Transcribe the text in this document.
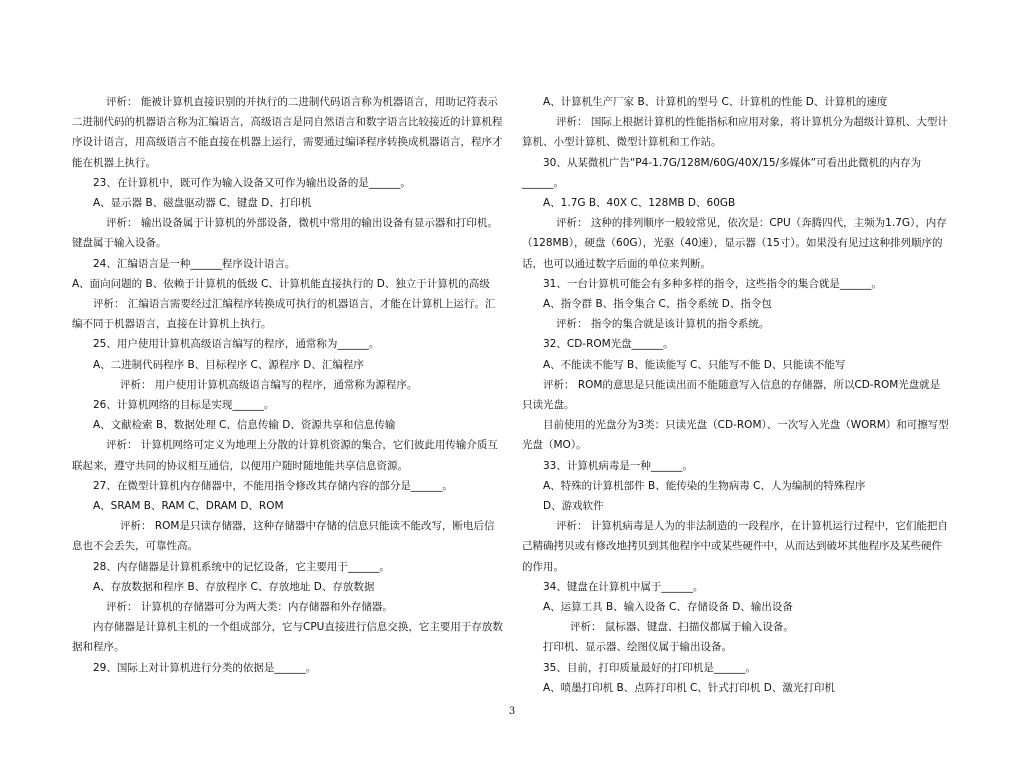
评析： 能被计算机直接识别的并执行的二进制代码语言称为机器语言，用助记符表示二进制代码的机器语言称为汇编语言，高级语言是同自然语言和数字语言比较接近的计算机程序设计语言，用高级语言不能直接在机器上运行，需要通过编译程序转换成机器语言，程序才能在机器上执行。

23、在计算机中，既可作为输入设备又可作为输出设备的是______。

A、显示器 B、磁盘驱动器 C、键盘 D、打印机

评析： 输出设备属于计算机的外部设备，微机中常用的输出设备有显示器和打印机。键盘属于输入设备。

24、汇编语言是一种______程序设计语言。

A、面向问题的 B、依赖于计算机的低级 C、计算机能直接执行的 D、独立于计算机的高级

评析： 汇编语言需要经过汇编程序转换成可执行的机器语言，才能在计算机上运行。汇编不同于机器语言，直接在计算机上执行。

25、用户使用计算机高级语言编写的程序，通常称为______。

A、二进制代码程序 B、目标程序 C、源程序 D、汇编程序

评析： 用户使用计算机高级语言编写的程序，通常称为源程序。

26、计算机网络的目标是实现______。

A、文献检索 B、数据处理 C、信息传输 D、资源共享和信息传输

评析： 计算机网络可定义为地理上分散的计算机资源的集合，它们彼此用传输介质互联起来，遵守共同的协议相互通信，以便用户随时随地能共享信息资源。

27、在微型计算机内存储器中，不能用指令修改其存储内容的部分是______。

A、SRAM B、RAM C、DRAM D、ROM

评析： ROM是只读存储器，这种存储器中存储的信息只能读不能改写，断电后信息也不会丢失，可靠性高。

28、内存储器是计算机系统中的记忆设备，它主要用于______。

A、存放数据和程序 B、存放程序 C、存放地址 D、存放数据

评析： 计算机的存储器可分为两大类：内存储器和外存储器。

内存储器是计算机主机的一个组成部分，它与CPU直接进行信息交换，它主要用于存放数据和程序。

29、国际上对计算机进行分类的依据是______。

A、计算机生产厂家 B、计算机的型号 C、计算机的性能 D、计算机的速度

评析： 国际上根据计算机的性能指标和应用对象，将计算机分为超级计算机、大型计算机、小型计算机、微型计算机和工作站。

30、从某微机广告“P4-1.7G/128M/60G/40X/15/多媒体”可看出此微机的内存为______。

A、1.7G B、40X C、128MB D、60GB

评析： 这种的排列顺序一般较常见，依次是：CPU（奔腾四代，主频为1.7G），内存（128MB），硬盘（60G），光驱（40速），显示器（15寸）。如果没有见过这种排列顺序的话，也可以通过数字后面的单位来判断。

31、一台计算机可能会有多种多样的指令，这些指令的集合就是______。

A、指令群 B、指令集合 C、指令系统 D、指令包

评析： 指令的集合就是该计算机的指令系统。

32、CD-ROM光盘______。

A、不能读不能写 B、能读能写 C、只能写不能 D、只能读不能写

评析： ROM的意思是只能读出而不能随意写入信息的存储器，所以CD-ROM光盘就是只读光盘。

目前使用的光盘分为3类：只读光盘（CD-ROM）、一次写入光盘（WORM）和可擦写型光盘（MO）。

33、计算机病毒是一种______。

A、特殊的计算机部件 B、能传染的生物病毒 C、人为编制的特殊程序

D、游戏软件

评析： 计算机病毒是人为的非法制造的一段程序，在计算机运行过程中，它们能把自己精确拷贝或有修改地拷贝到其他程序中或某些硬件中，从而达到破坏其他程序及某些硬件的作用。

34、键盘在计算机中属于______。

A、运算工具 B、输入设备 C、存储设备 D、输出设备

评析： 鼠标器、键盘、扫描仪都属于输入设备。

打印机、显示器、绘图仪属于输出设备。

35、目前，打印质量最好的打印机是______。

A、喷墨打印机 B、点阵打印机 C、针式打印机 D、激光打印机

3
